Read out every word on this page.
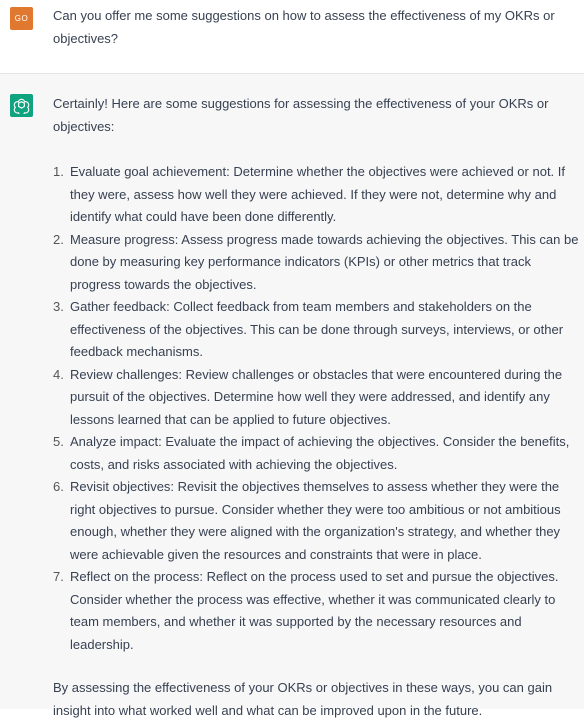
GO	Can you offer me some suggestions on how to assess the effectiveness of my OKRs or objectives?

Certainly! Here are some suggestions for assessing the effectiveness of your OKRs or objectives:

1. Evaluate goal achievement: Determine whether the objectives were achieved or not. If they were, assess how well they were achieved. If they were not, determine why and identify what could have been done differently.
2. Measure progress: Assess progress made towards achieving the objectives. This can be done by measuring key performance indicators (KPIs) or other metrics that track progress towards the objectives.
3. Gather feedback: Collect feedback from team members and stakeholders on the effectiveness of the objectives. This can be done through surveys, interviews, or other feedback mechanisms.
4. Review challenges: Review challenges or obstacles that were encountered during the pursuit of the objectives. Determine how well they were addressed, and identify any lessons learned that can be applied to future objectives.
5. Analyze impact: Evaluate the impact of achieving the objectives. Consider the benefits, costs, and risks associated with achieving the objectives.
6. Revisit objectives: Revisit the objectives themselves to assess whether they were the right objectives to pursue. Consider whether they were too ambitious or not ambitious enough, whether they were aligned with the organization's strategy, and whether they were achievable given the resources and constraints that were in place.
7. Reflect on the process: Reflect on the process used to set and pursue the objectives. Consider whether the process was effective, whether it was communicated clearly to team members, and whether it was supported by the necessary resources and leadership.

By assessing the effectiveness of your OKRs or objectives in these ways, you can gain insight into what worked well and what can be improved upon in the future.
